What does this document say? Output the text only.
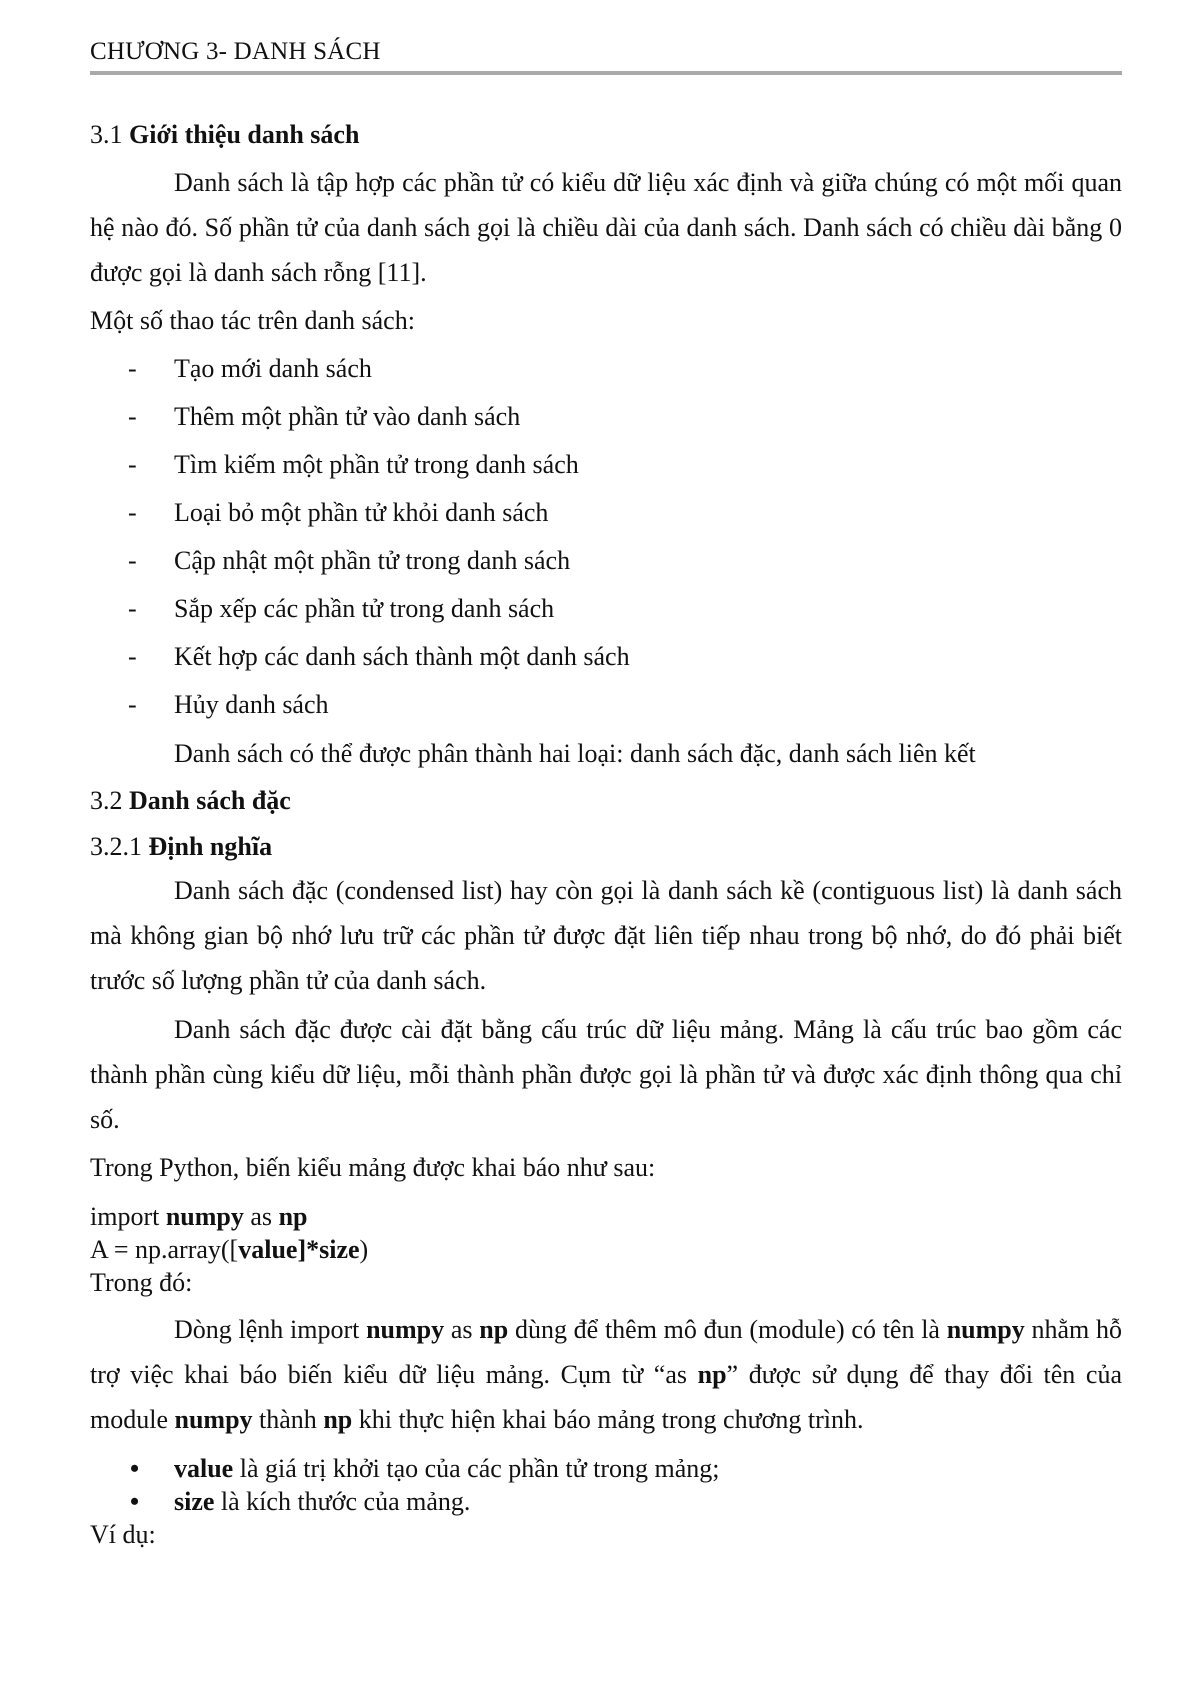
CHƯƠNG 3- DANH SÁCH

3.1 Giới thiệu danh sách

Danh sách là tập hợp các phần tử có kiểu dữ liệu xác định và giữa chúng có một mối quan hệ nào đó. Số phần tử của danh sách gọi là chiều dài của danh sách. Danh sách có chiều dài bằng 0 được gọi là danh sách rỗng [11].

Một số thao tác trên danh sách:

- Tạo mới danh sách
- Thêm một phần tử vào danh sách
- Tìm kiếm một phần tử trong danh sách
- Loại bỏ một phần tử khỏi danh sách
- Cập nhật một phần tử trong danh sách
- Sắp xếp các phần tử trong danh sách
- Kết hợp các danh sách thành một danh sách
- Hủy danh sách

Danh sách có thể được phân thành hai loại: danh sách đặc, danh sách liên kết

3.2 Danh sách đặc

3.2.1 Định nghĩa

Danh sách đặc (condensed list) hay còn gọi là danh sách kề (contiguous list) là danh sách mà không gian bộ nhớ lưu trữ các phần tử được đặt liên tiếp nhau trong bộ nhớ, do đó phải biết trước số lượng phần tử của danh sách.

Danh sách đặc được cài đặt bằng cấu trúc dữ liệu mảng. Mảng là cấu trúc bao gồm các thành phần cùng kiểu dữ liệu, mỗi thành phần được gọi là phần tử và được xác định thông qua chỉ số.

Trong Python, biến kiểu mảng được khai báo như sau:

import numpy as np

A = np.array([value]*size)

Trong đó:

Dòng lệnh import numpy as np dùng để thêm mô đun (module) có tên là numpy nhằm hỗ trợ việc khai báo biến kiểu dữ liệu mảng. Cụm từ “as np” được sử dụng để thay đổi tên của module numpy thành np khi thực hiện khai báo mảng trong chương trình.

• value là giá trị khởi tạo của các phần tử trong mảng;
• size là kích thước của mảng.

Ví dụ:
